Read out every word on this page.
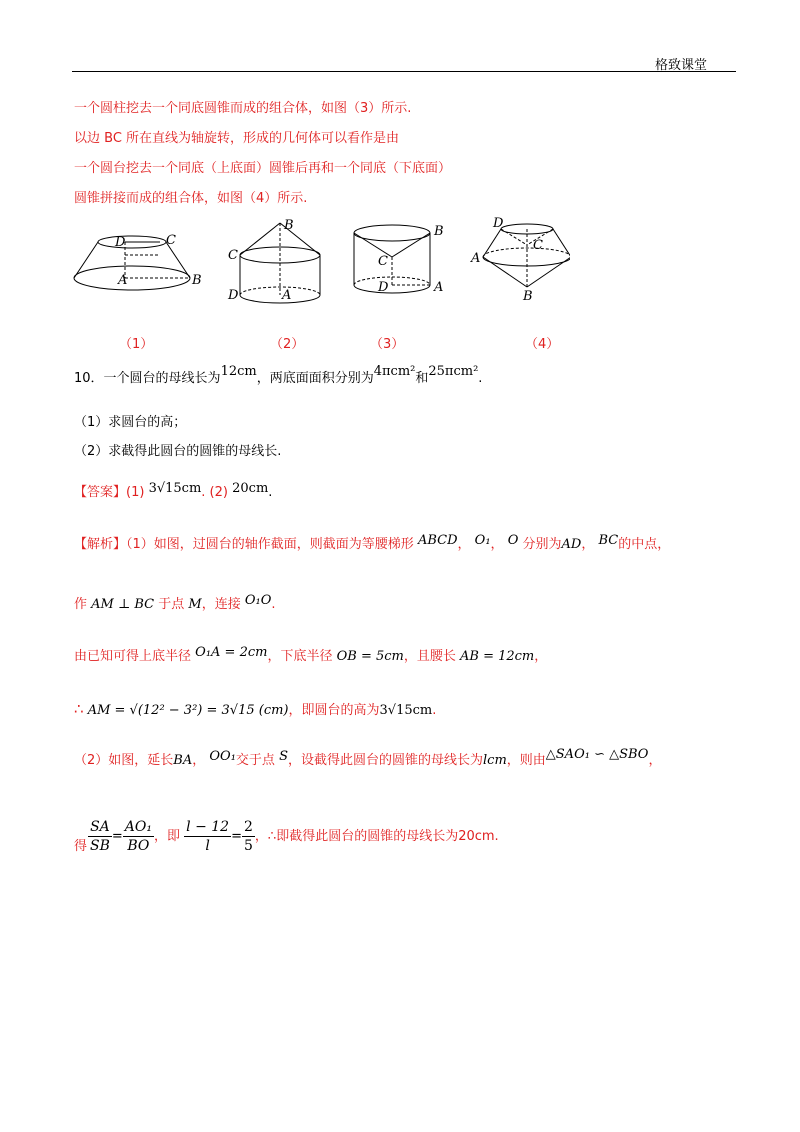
格致课堂
一个圆柱挖去一个同底圆锥而成的组合体，如图（3）所示.
以边 BC 所在直线为轴旋转，形成的几何体可以看作是由
一个圆台挖去一个同底（上底面）圆锥后再和一个同底（下底面）
圆锥拼接而成的组合体，如图（4）所示.
D	C
A	B
C
B
D	A
B
C
D	A
D
C
A
B
（1）	（2）	（3）	（4）
10．一个圆台的母线长为12cm，两底面面积分别为4πcm²和25πcm².
（1）求圆台的高；
（2）求截得此圆台的圆锥的母线长.
【答案】(1) 3√15cm. (2) 20cm.
【解析】（1）如图，过圆台的轴作截面，则截面为等腰梯形 ABCD， O₁， O 分别为AD， BC的中点，
作 AM ⊥ BC 于点 M，连接 O₁O.
由已知可得上底半径 O₁A = 2cm，下底半径 OB = 5cm，且腰长 AB = 12cm，
∴ AM = √(12² − 3²) = 3√15 (cm)，即圆台的高为3√15cm.
（2）如图，延长BA， OO₁交于点 S，设截得此圆台的圆锥的母线长为lcm，则由△SAO₁ ∽ △SBO，
$\frac{SA}{SB} = \frac{\text{AO₁}}{BO}$ ，即 $\frac{l - 12}{l} = \frac{2}{5}$ ，∴即截得此圆台的圆锥的母线长为20cm.
得
